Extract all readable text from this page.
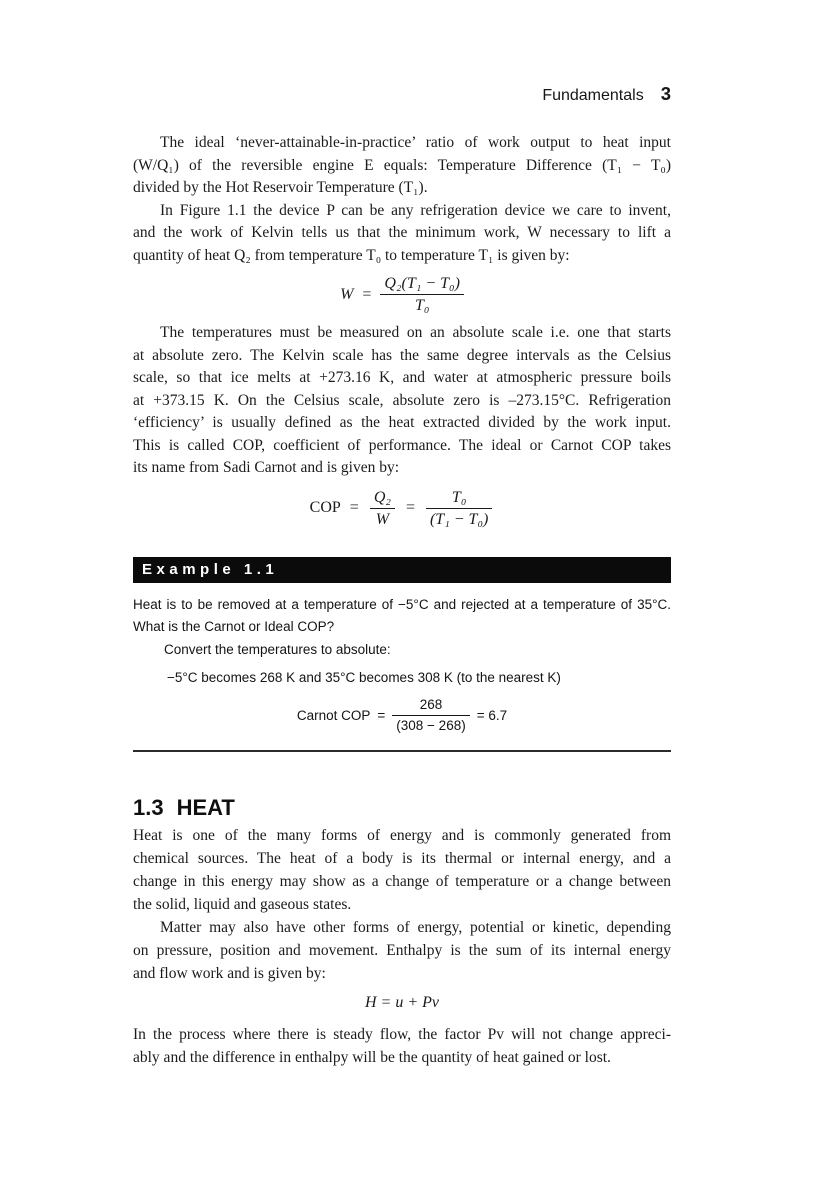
Fundamentals 3
The ideal ‘never-attainable-in-practice’ ratio of work output to heat input
(W/Q₁) of the reversible engine E equals: Temperature Difference (T₁ − T₀)
divided by the Hot Reservoir Temperature (T₁).
In Figure 1.1 the device P can be any refrigeration device we care to invent,
and the work of Kelvin tells us that the minimum work, W necessary to lift a
quantity of heat Q₂ from temperature T₀ to temperature T₁ is given by:
$W = \frac{\text{Q₂(T₁ − T₀)}}{\text{T₀}}$
The temperatures must be measured on an absolute scale i.e. one that starts
at absolute zero. The Kelvin scale has the same degree intervals as the Celsius
scale, so that ice melts at +273.16 K, and water at atmospheric pressure boils
at +373.15 K. On the Celsius scale, absolute zero is –273.15°C. Refrigeration
‘efficiency’ is usually defined as the heat extracted divided by the work input.
This is called COP, coefficient of performance. The ideal or Carnot COP takes
its name from Sadi Carnot and is given by:
COP = $\frac{\text{Q₂}}{W} = \frac{\text{T₀}}{\text{(T₁ − T₀)}}$
Example 1.1
Heat is to be removed at a temperature of −5°C and rejected at a temperature of 35°C.
What is the Carnot or Ideal COP?
Convert the temperatures to absolute:
−5°C becomes 268 K and 35°C becomes 308 K (to the nearest K)
Carnot COP = $\frac{268}{(308 - 268)} = 6.7$
1.3 HEAT
Heat is one of the many forms of energy and is commonly generated from
chemical sources. The heat of a body is its thermal or internal energy, and a
change in this energy may show as a change of temperature or a change between
the solid, liquid and gaseous states.
Matter may also have other forms of energy, potential or kinetic, depending
on pressure, position and movement. Enthalpy is the sum of its internal energy
and flow work and is given by:
H = u + Pv
In the process where there is steady flow, the factor Pv will not change appreci-
ably and the difference in enthalpy will be the quantity of heat gained or lost.
